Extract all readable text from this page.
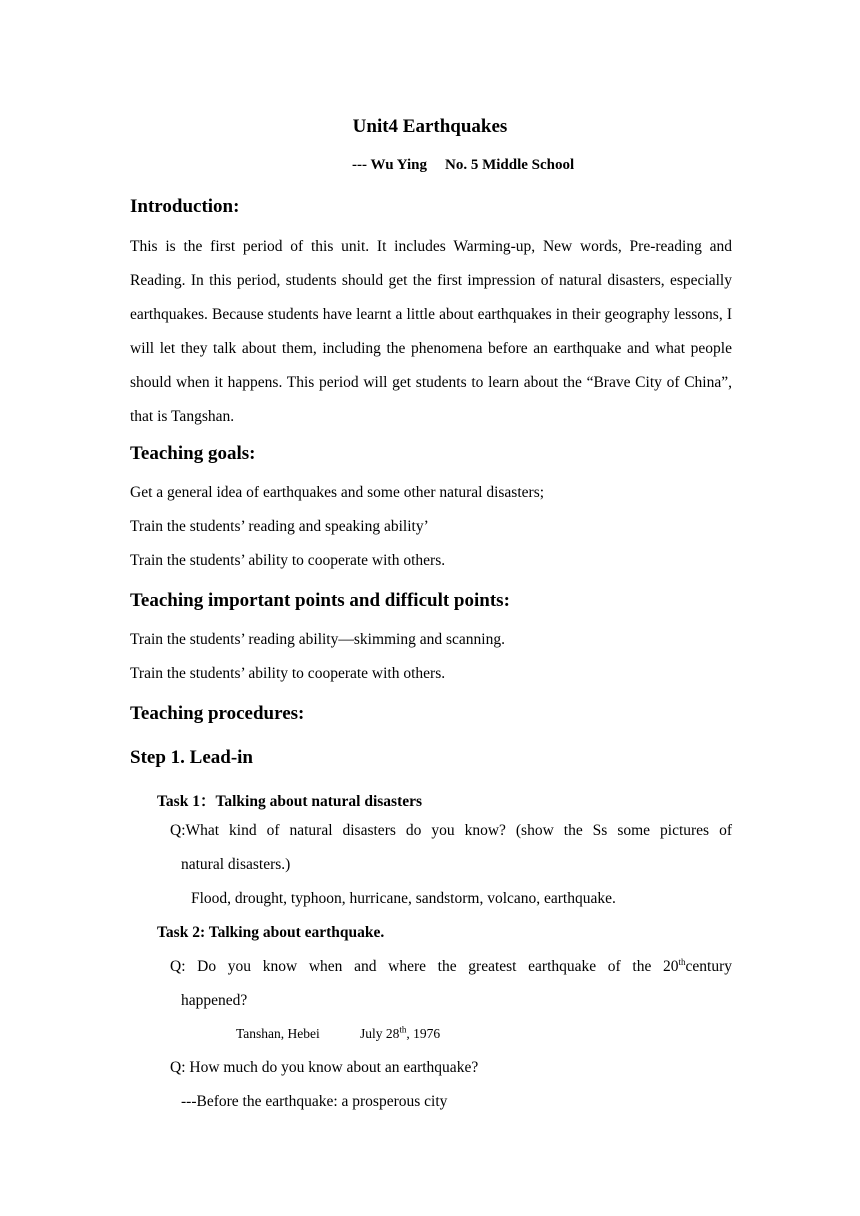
Unit4 Earthquakes
--- Wu Ying No. 5 Middle School
Introduction:
This is the first period of this unit. It includes Warming-up, New words, Pre-reading and Reading. In this period, students should get the first impression of natural disasters, especially earthquakes. Because students have learnt a little about earthquakes in their geography lessons, I will let they talk about them, including the phenomena before an earthquake and what people should when it happens. This period will get students to learn about the “Brave City of China”, that is Tangshan.
Teaching goals:
Get a general idea of earthquakes and some other natural disasters;
Train the students’ reading and speaking ability’
Train the students’ ability to cooperate with others.
Teaching important points and difficult points:
Train the students’ reading ability—skimming and scanning.
Train the students’ ability to cooperate with others.
Teaching procedures:
Step 1. Lead-in
Task 1：Talking about natural disasters
Q:What kind of natural disasters do you know? (show the Ss some pictures of
natural disasters.)
Flood, drought, typhoon, hurricane, sandstorm, volcano, earthquake.
Task 2: Talking about earthquake.
Q: Do you know when and where the greatest earthquake of the 20thcentury
happened?
Tanshan, Hebei	July 28th, 1976
Q: How much do you know about an earthquake?
---Before the earthquake: a prosperous city
